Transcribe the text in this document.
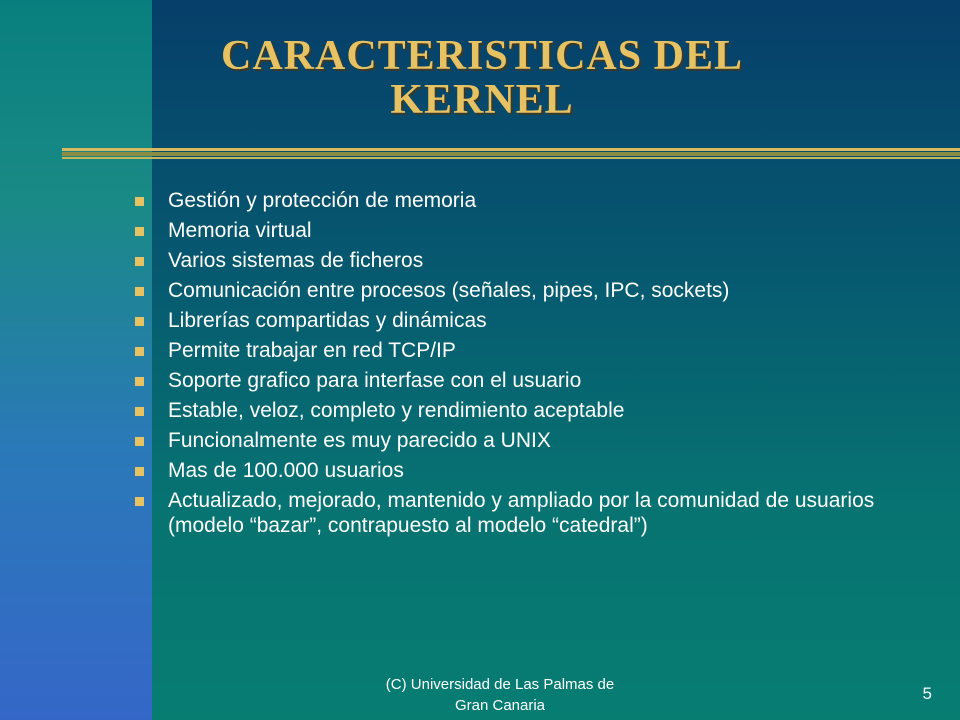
CARACTERISTICAS DEL
KERNEL
Gestión y protección de memoria
Memoria virtual
Varios sistemas de ficheros
Comunicación entre procesos (señales, pipes, IPC, sockets)
Librerías compartidas y dinámicas
Permite trabajar en red TCP/IP
Soporte grafico para interfase con el usuario
Estable, veloz, completo y rendimiento aceptable
Funcionalmente es muy parecido a UNIX
Mas de 100.000 usuarios
Actualizado, mejorado, mantenido y ampliado por la comunidad de usuarios (modelo “bazar”, contrapuesto al modelo “catedral”)
(C) Universidad de Las Palmas de
Gran Canaria
5
